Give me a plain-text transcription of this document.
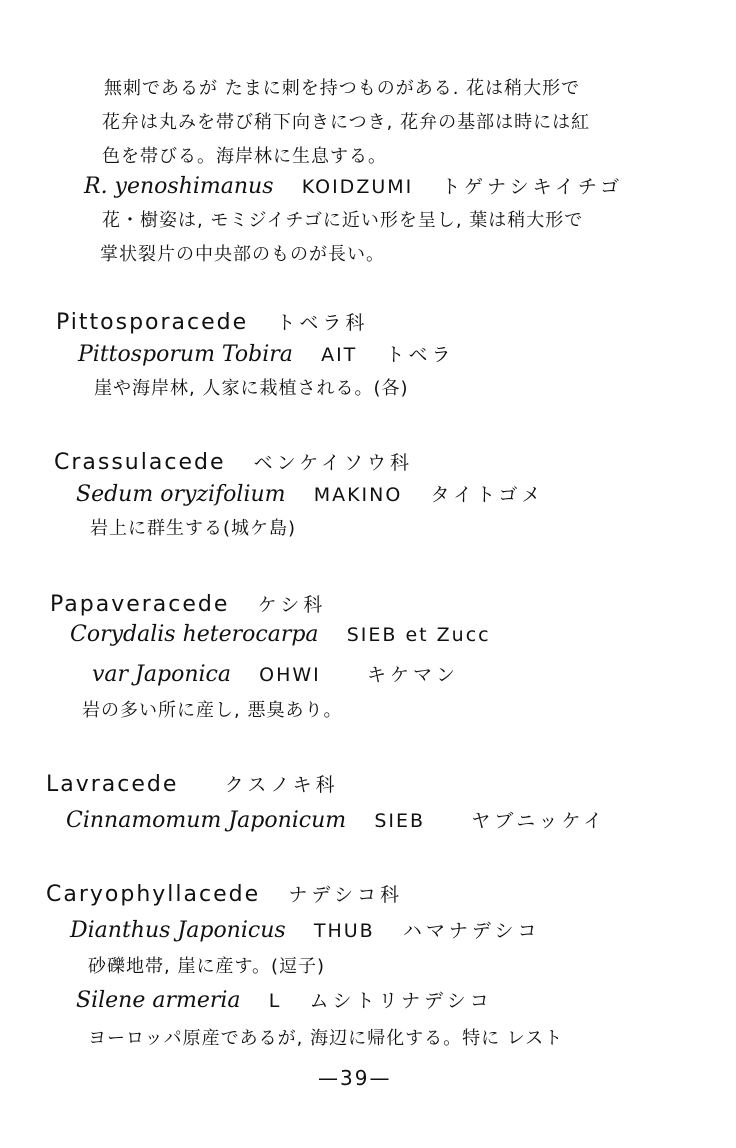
無刺であるが たまに刺を持つものがある. 花は稍大形で
花弁は丸みを帯び稍下向きにつき, 花弁の基部は時には紅
色を帯びる。海岸林に生息する。
R. yenoshimanus KOIDZUMI トゲナシキイチゴ
花・樹姿は, モミジイチゴに近い形を呈し, 葉は稍大形で
掌状裂片の中央部のものが長い。
Pittosporacede トベラ科
Pittosporum Tobira AIT トベラ
崖や海岸林, 人家に栽植される。(各)
Crassulacede ベンケイソウ科
Sedum oryzifolium MAKINO タイトゴメ
岩上に群生する(城ケ島)
Papaveracede ケシ科
Corydalis heterocarpa SIEB et Zucc
var Japonica OHWI キケマン
岩の多い所に産し, 悪臭あり。
Lavracede クスノキ科
Cinnamomum Japonicum SIEB ヤブニッケイ
Caryophyllacede ナデシコ科
Dianthus Japonicus THUB ハマナデシコ
砂礫地帯, 崖に産す。(逗子)
Silene armeria L ムシトリナデシコ
ヨーロッパ原産であるが, 海辺に帰化する。特に レスト
—39—
